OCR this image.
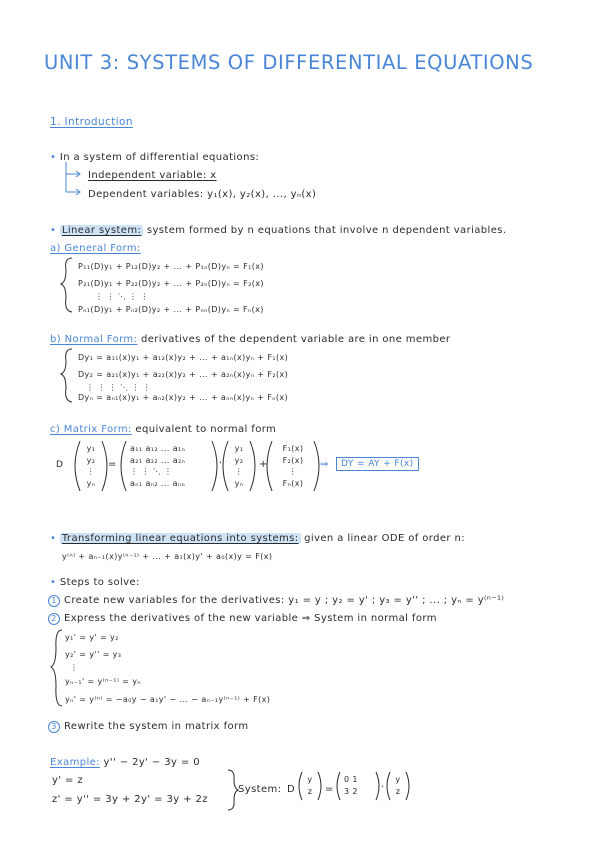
UNIT 3: SYSTEMS OF DIFFERENTIAL EQUATIONS
1. Introduction
• In a system of differential equations:
Independent variable: x
Dependent variables: y₁(x), y₂(x), ..., yₙ(x)
• Linear system: system formed by n equations that involve n dependent variables.
a) General Form:
P₁₁(D)y₁ + P₁₂(D)y₂ + ... + P₁ₙ(D)yₙ = F₁(x)
P₂₁(D)y₁ + P₂₂(D)y₂ + ... + P₂ₙ(D)yₙ = F₂(x)
⋮ ⋮ ⋱ ⋮ ⋮
Pₙ₁(D)y₁ + Pₙ₂(D)y₂ + ... + Pₙₙ(D)yₙ = Fₙ(x)
b) Normal Form: derivatives of the dependent variable are in one member
Dy₁ = a₁₁(x)y₁ + a₁₂(x)y₂ + ... + a₁ₙ(x)yₙ + F₁(x)
Dy₂ = a₂₁(x)y₁ + a₂₂(x)y₂ + ... + a₂ₙ(x)yₙ + F₂(x)
⋮ ⋮ ⋮ ⋱ ⋮ ⋮
Dyₙ = aₙ₁(x)y₁ + aₙ₂(x)y₂ + ... + aₙₙ(x)yₙ + Fₙ(x)
c) Matrix Form: equivalent to normal form
D
y₁
y₂
⋮
yₙ
=
a₁₁ a₁₂ ... a₁ₙ
a₂₁ a₂₂ ... a₂ₙ
⋮ ⋮ ⋱ ⋮
aₙ₁ aₙ₂ ... aₙₙ
·
y₁
y₂
⋮
yₙ
+
F₁(x)
F₂(x)
⋮
Fₙ(x)
⇒	DY = AY + F(x)
• Transforming linear equations into systems: given a linear ODE of order n:
y⁽ⁿ⁾ + aₙ₋₁(x)y⁽ⁿ⁻¹⁾ + ... + a₁(x)y' + a₀(x)y = F(x)
• Steps to solve:
1 Create new variables for the derivatives: y₁ = y ; y₂ = y' ; y₃ = y'' ; ... ; yₙ = y⁽ⁿ⁻¹⁾
2 Express the derivatives of the new variable ⇒ System in normal form
y₁' = y' = y₂
y₂' = y'' = y₃
⋮
yₙ₋₁' = y⁽ⁿ⁻¹⁾ = yₙ
yₙ' = y⁽ⁿ⁾ = −a₀y − a₁y' − ... − aₙ₋₁y⁽ⁿ⁻¹⁾ + F(x)
3 Rewrite the system in matrix form
Example: y'' − 2y' − 3y = 0
y' = z
z' = y'' = 3y + 2y' = 3y + 2z
System: D
y
z	=
0 1
3 2 ·
y
z
